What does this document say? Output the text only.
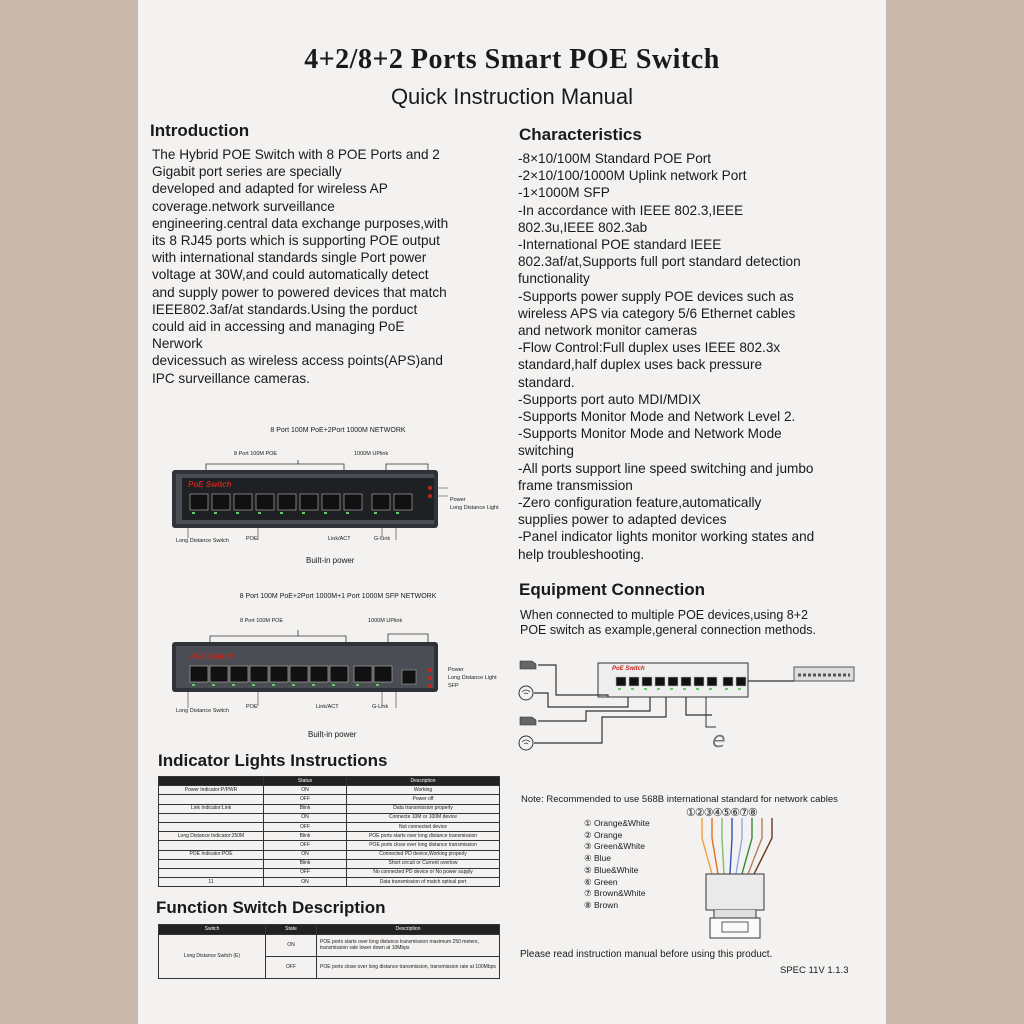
4+2/8+2 Ports Smart POE Switch
Quick Instruction Manual
Introduction
The Hybrid POE Switch with 8 POE Ports and 2
Gigabit port series are specially
developed and adapted for wireless AP
coverage.network surveillance
engineering.central data exchange purposes,with
its 8 RJ45 ports which is supporting POE output
with international standards single Port power
voltage at 30W,and could automatically detect
and supply power to powered devices that match
IEEE802.3af/at standards.Using the porduct
could aid in accessing and managing PoE
Nerwork
devicessuch as wireless access points(APS)and
IPC surveillance cameras.
8 Port 100M PoE+2Port 1000M NETWORK
8 Port 100M POE	1000M UPlink
PoE Switch
Power
Long Distance Light
Long Distance Switch	POE	Link/ACT	G-Link
Built-in power
8 Port 100M PoE+2Port 1000M+1 Port 1000M SFP NETWORK
8 Port 100M POE	1000M UPlink
PoE Switch
Power
Long Distance Light
SFP
Long Distance Switch
POE	Link/ACT	G-Link
Built-in power
Indicator Lights Instructions
	Status	Description
Power Indicator:P/PWR	ON	Working
	OFF	Power off
Link Indicator:Link	Blink	Data transmission properly
	ON	Connecte 10M or 100M device
	OFF	Not connected device
Long Distance Indicator:250M	Blink	POE ports starts over long distance transmission
	OFF	POE ports close over long distance transmission
POE Indicator:POE	ON	Connected PD device,Working properly
	Blink	Short circuit or Current overlow
	OFF	No connected PD device or No power supply
11	ON	Data transmission of match optical port
Function Switch Description
Switch	State	Description
Long Distance Switch (E)	ON	POE ports starts over long distance transmission maximum 250 meters, transmission rate lower down at 10Mbps
	OFF	POE ports close over long distance transmission, transmission rate at 100Mbps
Characteristics
-8×10/100M Standard POE Port
-2×10/100/1000M Uplink network Port
-1×1000M SFP
-In accordance with IEEE 802.3,IEEE
802.3u,IEEE 802.3ab
-International POE standard IEEE
802.3af/at,Supports full port standard detection
functionality
-Supports power supply POE devices such as
wireless APS via category 5/6 Ethernet cables
and network monitor cameras
-Flow Control:Full duplex uses IEEE 802.3x
standard,half duplex uses back pressure
standard.
-Supports port auto MDI/MDIX
-Supports Monitor Mode and Network Level 2.
-Supports Monitor Mode and Network Mode
switching
-All ports support line speed switching and jumbo
frame transmission
-Zero configuration feature,automatically
supplies power to adapted devices
-Panel indicator lights monitor working states and
help troubleshooting.
Equipment Connection
When connected to multiple POE devices,using 8+2
POE switch as example,general connection methods.
e
PoE Switch
Note: Recommended to use 568B international standard for network cables
①②③④⑤⑥⑦⑧
① Orange&White
② Orange
③ Green&White
④ Blue
⑤ Blue&White
⑥ Green
⑦ Brown&White
⑧ Brown
Please read instruction manual before using this product.
SPEC 11V 1.1.3
